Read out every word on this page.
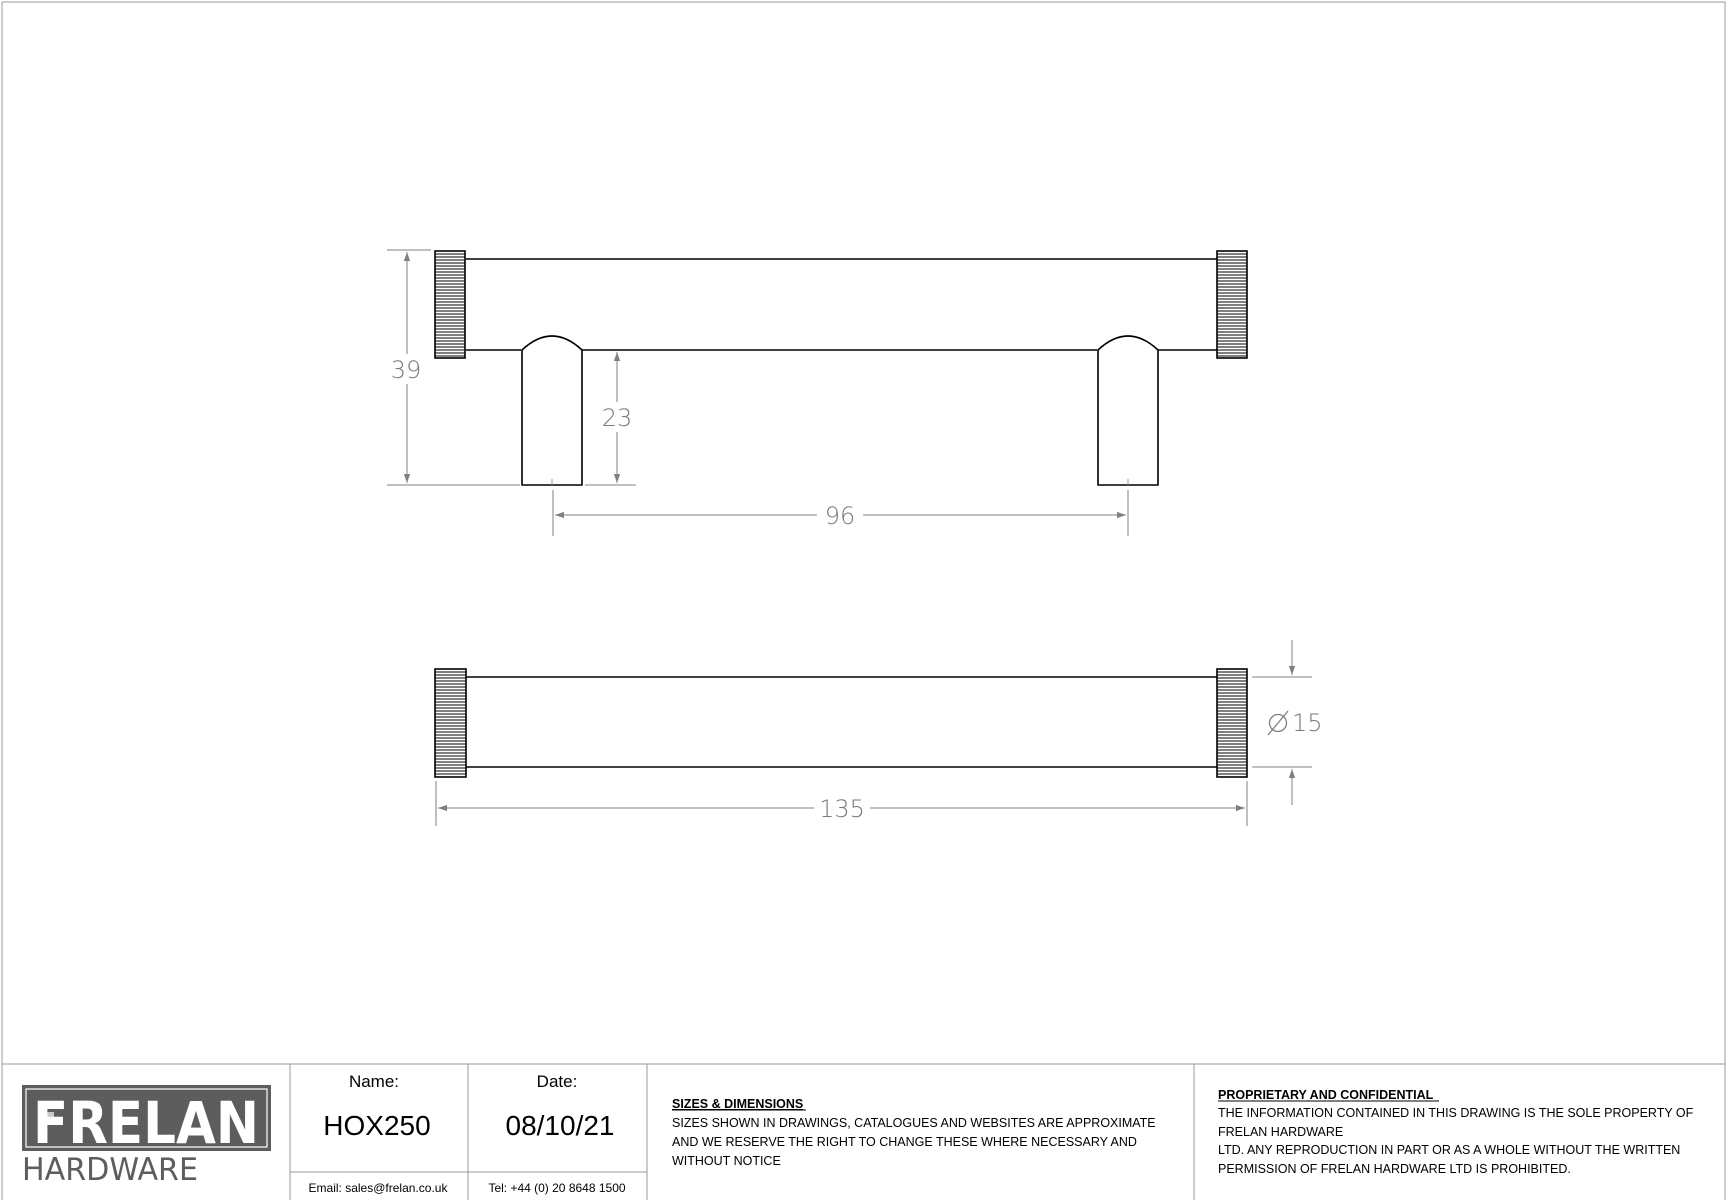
39
23
96
15
135
FRELAN
HARDWARE
Name:
HOX250
Date:
08/10/21
Email: sales@frelan.co.uk	Tel: +44 (0) 20 8648 1500
SIZES & DIMENSIONS
SIZES SHOWN IN DRAWINGS, CATALOGUES AND WEBSITES ARE APPROXIMATE
AND WE RESERVE THE RIGHT TO CHANGE THESE WHERE NECESSARY AND
WITHOUT NOTICE
PROPRIETARY AND CONFIDENTIAL
THE INFORMATION CONTAINED IN THIS DRAWING IS THE SOLE PROPERTY OF
FRELAN HARDWARE
LTD. ANY REPRODUCTION IN PART OR AS A WHOLE WITHOUT THE WRITTEN
PERMISSION OF FRELAN HARDWARE LTD IS PROHIBITED.
